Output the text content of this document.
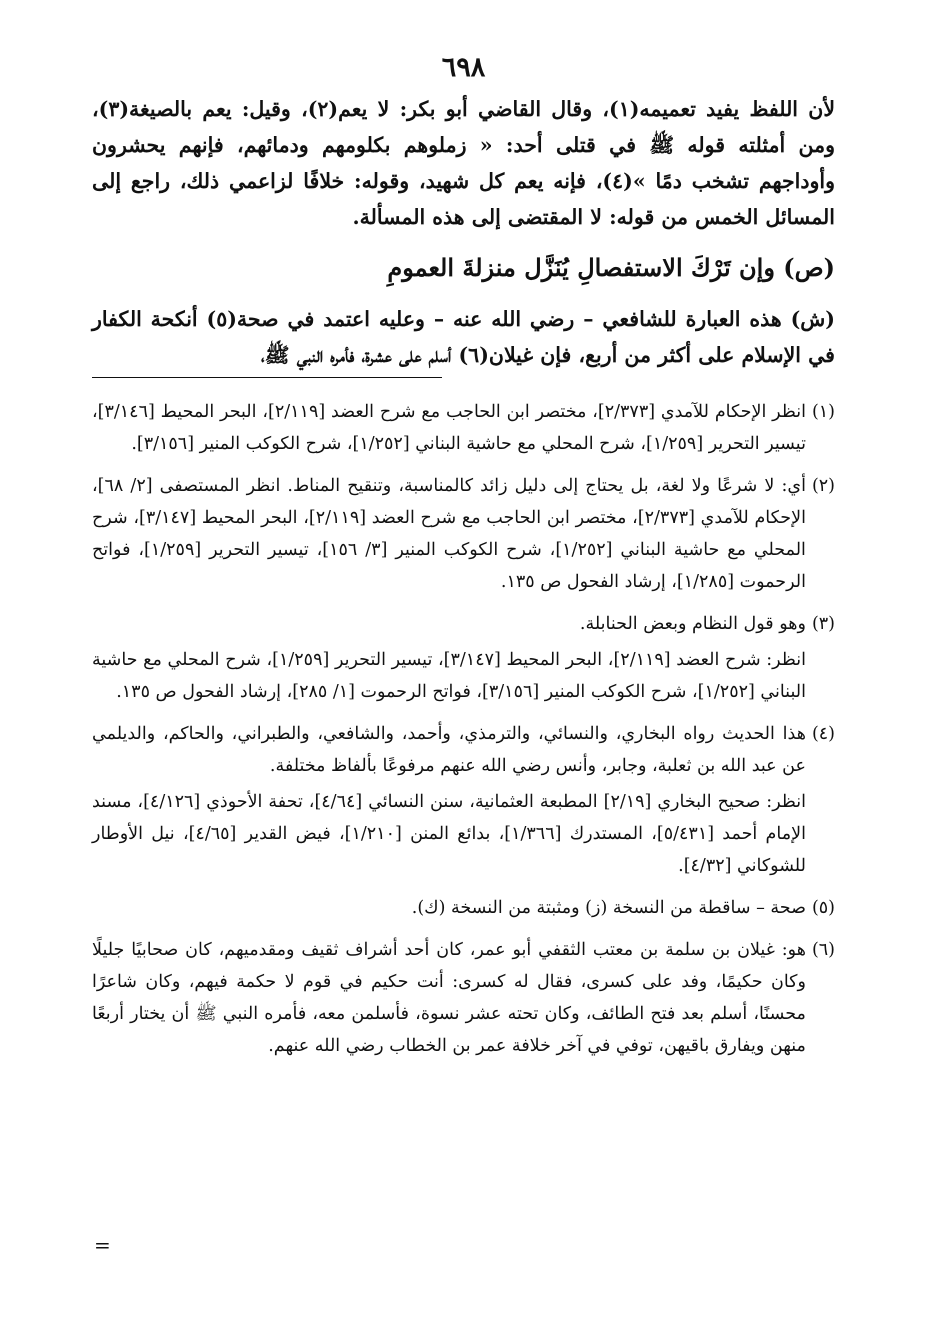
٦٩٨

لأن اللفظ يفيد تعميمه(١)، وقال القاضي أبو بكر: لا يعم(٢)، وقيل: يعم بالصيغة(٣)، ومن أمثلته قوله ﷺ في قتلى أحد: « زملوهم بكلومهم ودمائهم، فإنهم يحشرون وأوداجهم تشخب دمًا »(٤)، فإنه يعم كل شهيد، وقوله: خلافًا لزاعمي ذلك، راجع إلى المسائل الخمس من قوله: لا المقتضى إلى هذه المسألة.

(ص) وإن تَرْكَ الاستفصالِ يُنَزَّل منزلةَ العمومِ
(ش) هذه العبارة للشافعي – رضي الله عنه – وعليه اعتمد في صحة(٥) أنكحة الكفار في الإسلام على أكثر من أربع، فإن غيلان(٦) أسلم على عشرة، فأمره النبي ﷺ،
(١)

انظر الإحكام للآمدي [٢/٣٧٣]، مختصر ابن الحاجب مع شرح العضد [٢/١١٩]، البحر المحيط [٣/١٤٦]، تيسير التحرير [١/٢٥٩]، شرح المحلي مع حاشية البناني [١/٢٥٢]، شرح الكوكب المنير [٣/١٥٦].

(٢)

أي: لا شرعًا ولا لغة، بل يحتاج إلى دليل زائد كالمناسبة، وتنقيح المناط. انظر المستصفى [٢/ ٦٨]، الإحكام للآمدي [٢/٣٧٣]، مختصر ابن الحاجب مع شرح العضد [٢/١١٩]، البحر المحيط [٣/١٤٧]، شرح المحلي مع حاشية البناني [١/٢٥٢]، شرح الكوكب المنير [٣/ ١٥٦]، تيسير التحرير [١/٢٥٩]، فواتح الرحموت [١/٢٨٥]، إرشاد الفحول ص ١٣٥.

(٣)

وهو قول النظام وبعض الحنابلة.

انظر: شرح العضد [٢/١١٩]، البحر المحيط [٣/١٤٧]، تيسير التحرير [١/٢٥٩]، شرح المحلي مع حاشية البناني [١/٢٥٢]، شرح الكوكب المنير [٣/١٥٦]، فواتح الرحموت [١/ ٢٨٥]، إرشاد الفحول ص ١٣٥.

(٤)

هذا الحديث رواه البخاري، والنسائي، والترمذي، وأحمد، والشافعي، والطبراني، والحاكم، والديلمي عن عبد الله بن ثعلبة، وجابر، وأنس رضي الله عنهم مرفوعًا بألفاظ مختلفة.

انظر: صحيح البخاري [٢/١٩] المطبعة العثمانية، سنن النسائي [٤/٦٤]، تحفة الأحوذي [٤/١٢٦]، مسند الإمام أحمد [٥/٤٣١]، المستدرك [١/٣٦٦]، بدائع المنن [١/٢١٠]، فيض القدير [٤/٦٥]، نيل الأوطار للشوكاني [٤/٣٢].

(٥)

صحة – ساقطة من النسخة (ز) ومثبتة من النسخة (ك).

(٦)

هو: غيلان بن سلمة بن معتب الثقفي أبو عمر، كان أحد أشراف ثقيف ومقدميهم، كان صحابيًا جليلًا وكان حكيمًا، وفد على كسرى، فقال له كسرى: أنت حكيم في قوم لا حكمة فيهم، وكان شاعرًا محسنًا، أسلم بعد فتح الطائف، وكان تحته عشر نسوة، فأسلمن معه، فأمره النبي ﷺ أن يختار أربعًا منهن ويفارق باقيهن، توفي في آخر خلافة عمر بن الخطاب رضي الله عنهم.

=
